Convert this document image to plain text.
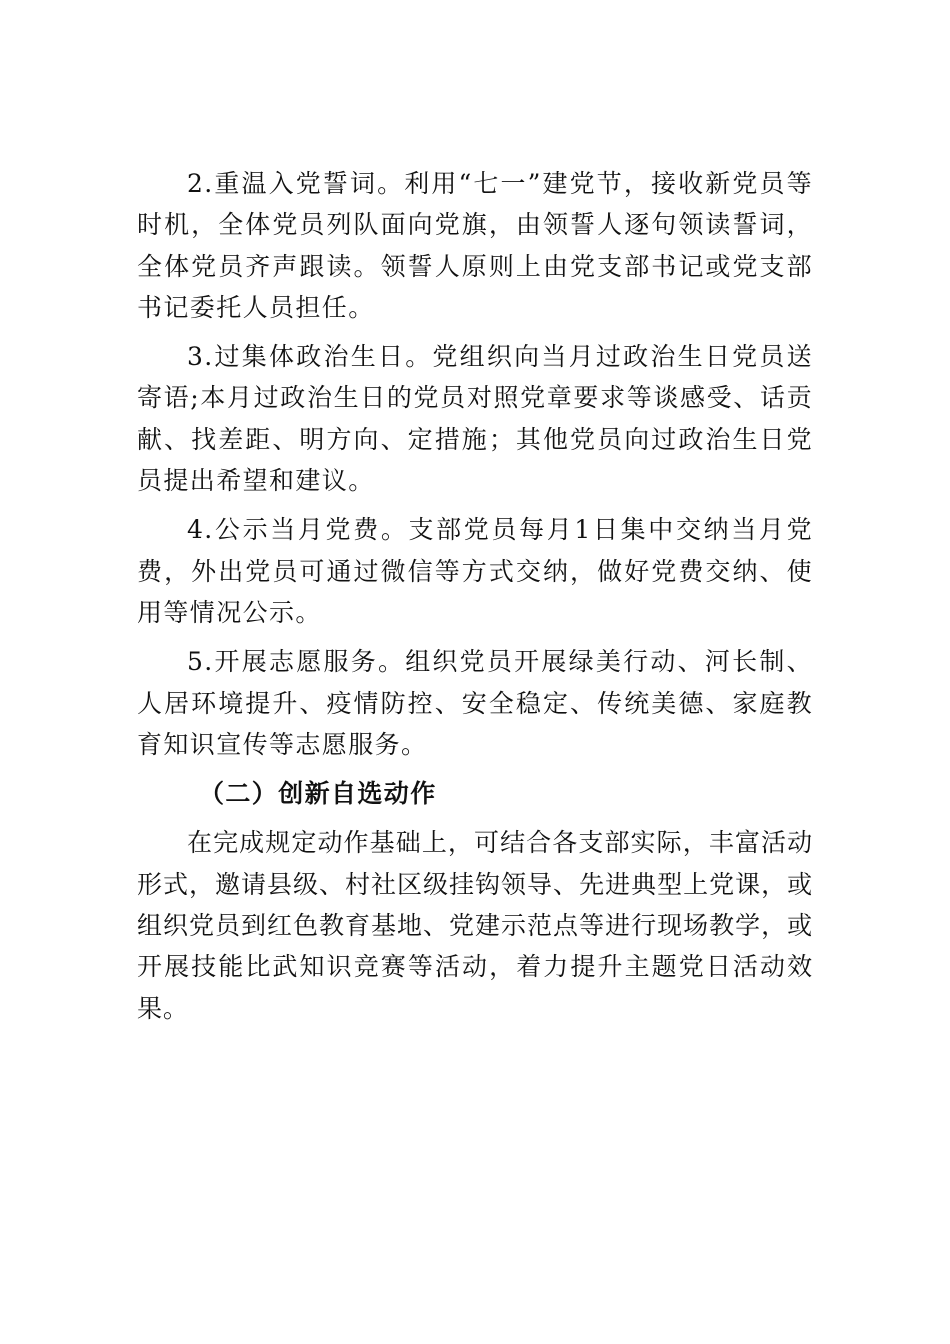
2.重温入党誓词。利用“七一”建党节，接收新党员等时机，全体党员列队面向党旗，由领誓人逐句领读誓词，全体党员齐声跟读。领誓人原则上由党支部书记或党支部书记委托人员担任。

3.过集体政治生日。党组织向当月过政治生日党员送寄语;本月过政治生日的党员对照党章要求等谈感受、话贡献、找差距、明方向、定措施；其他党员向过政治生日党员提出希望和建议。

4.公示当月党费。支部党员每月1日集中交纳当月党费，外出党员可通过微信等方式交纳，做好党费交纳、使用等情况公示。

5.开展志愿服务。组织党员开展绿美行动、河长制、人居环境提升、疫情防控、安全稳定、传统美德、家庭教育知识宣传等志愿服务。

（二）创新自选动作

在完成规定动作基础上，可结合各支部实际，丰富活动形式，邀请县级、村社区级挂钩领导、先进典型上党课，或组织党员到红色教育基地、党建示范点等进行现场教学，或开展技能比武知识竞赛等活动，着力提升主题党日活动效果。
